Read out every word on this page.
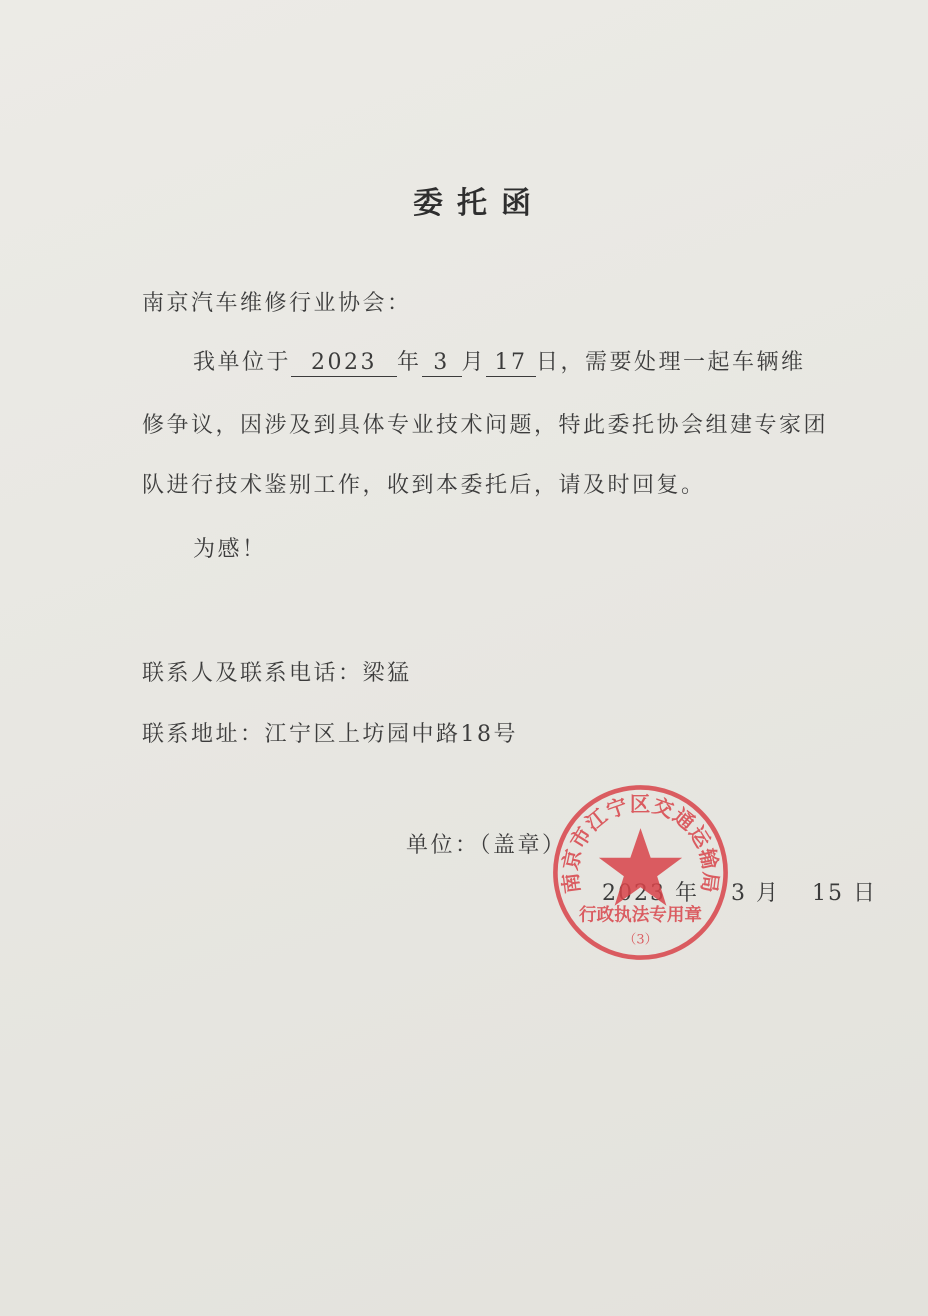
委托函
南京汽车维修行业协会：
我单位于 2023 年 3 月 17 日，需要处理一起车辆维
修争议，因涉及到具体专业技术问题，特此委托协会组建专家团
队进行技术鉴别工作，收到本委托后，请及时回复。
为感！
联系人及联系电话：梁猛
联系地址：江宁区上坊园中路18号
单位：（盖章）
2023 年 3 月 15 日
南京市江宁区交通运输局
行政执法专用章
（3）
